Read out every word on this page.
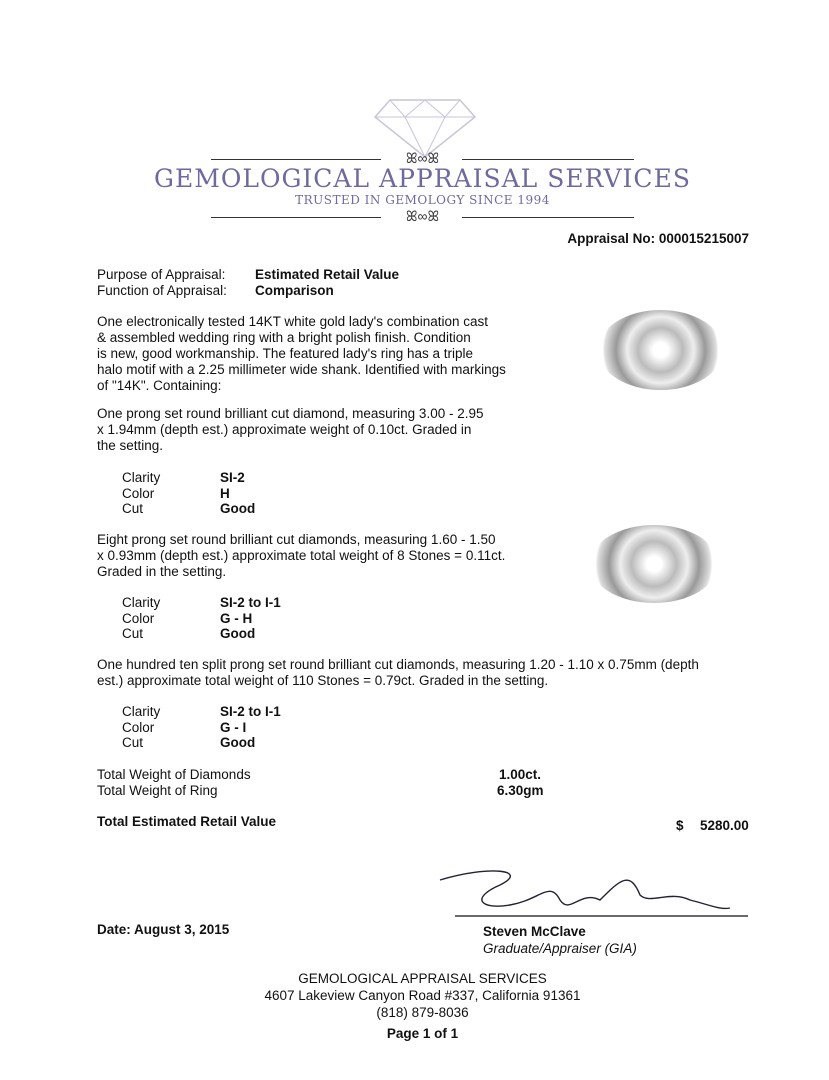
ꕤ∞ꕤ
GEMOLOGICAL APPRAISAL SERVICES
TRUSTED IN GEMOLOGY SINCE 1994
ꕤ∞ꕤ
Appraisal No: 000015215007
Purpose of Appraisal: Estimated Retail Value
Function of Appraisal: Comparison
One electronically tested 14KT white gold lady's combination cast
& assembled wedding ring with a bright polish finish. Condition
is new, good workmanship. The featured lady's ring has a triple
halo motif with a 2.25 millimeter wide shank. Identified with markings
of "14K". Containing:
One prong set round brilliant cut diamond, measuring 3.00 - 2.95
x 1.94mm (depth est.) approximate weight of 0.10ct. Graded in
the setting.
Clarity	SI-2
Color	H
Cut	Good
Eight prong set round brilliant cut diamonds, measuring 1.60 - 1.50
x 0.93mm (depth est.) approximate total weight of 8 Stones = 0.11ct.
Graded in the setting.
Clarity	SI-2 to I-1
Color	G - H
Cut	Good
One hundred ten split prong set round brilliant cut diamonds, measuring 1.20 - 1.10 x 0.75mm (depth
est.) approximate total weight of 110 Stones = 0.79ct. Graded in the setting.
Clarity	SI-2 to I-1
Color	G - I
Cut	Good
Total Weight of Diamonds	1.00ct.
Total Weight of Ring	6.30gm
Total Estimated Retail Value	$ 5280.00
Date: August 3, 2015	Steven McClave
Graduate/Appraiser (GIA)
GEMOLOGICAL APPRAISAL SERVICES
4607 Lakeview Canyon Road #337, California 91361
(818) 879-8036
Page 1 of 1
